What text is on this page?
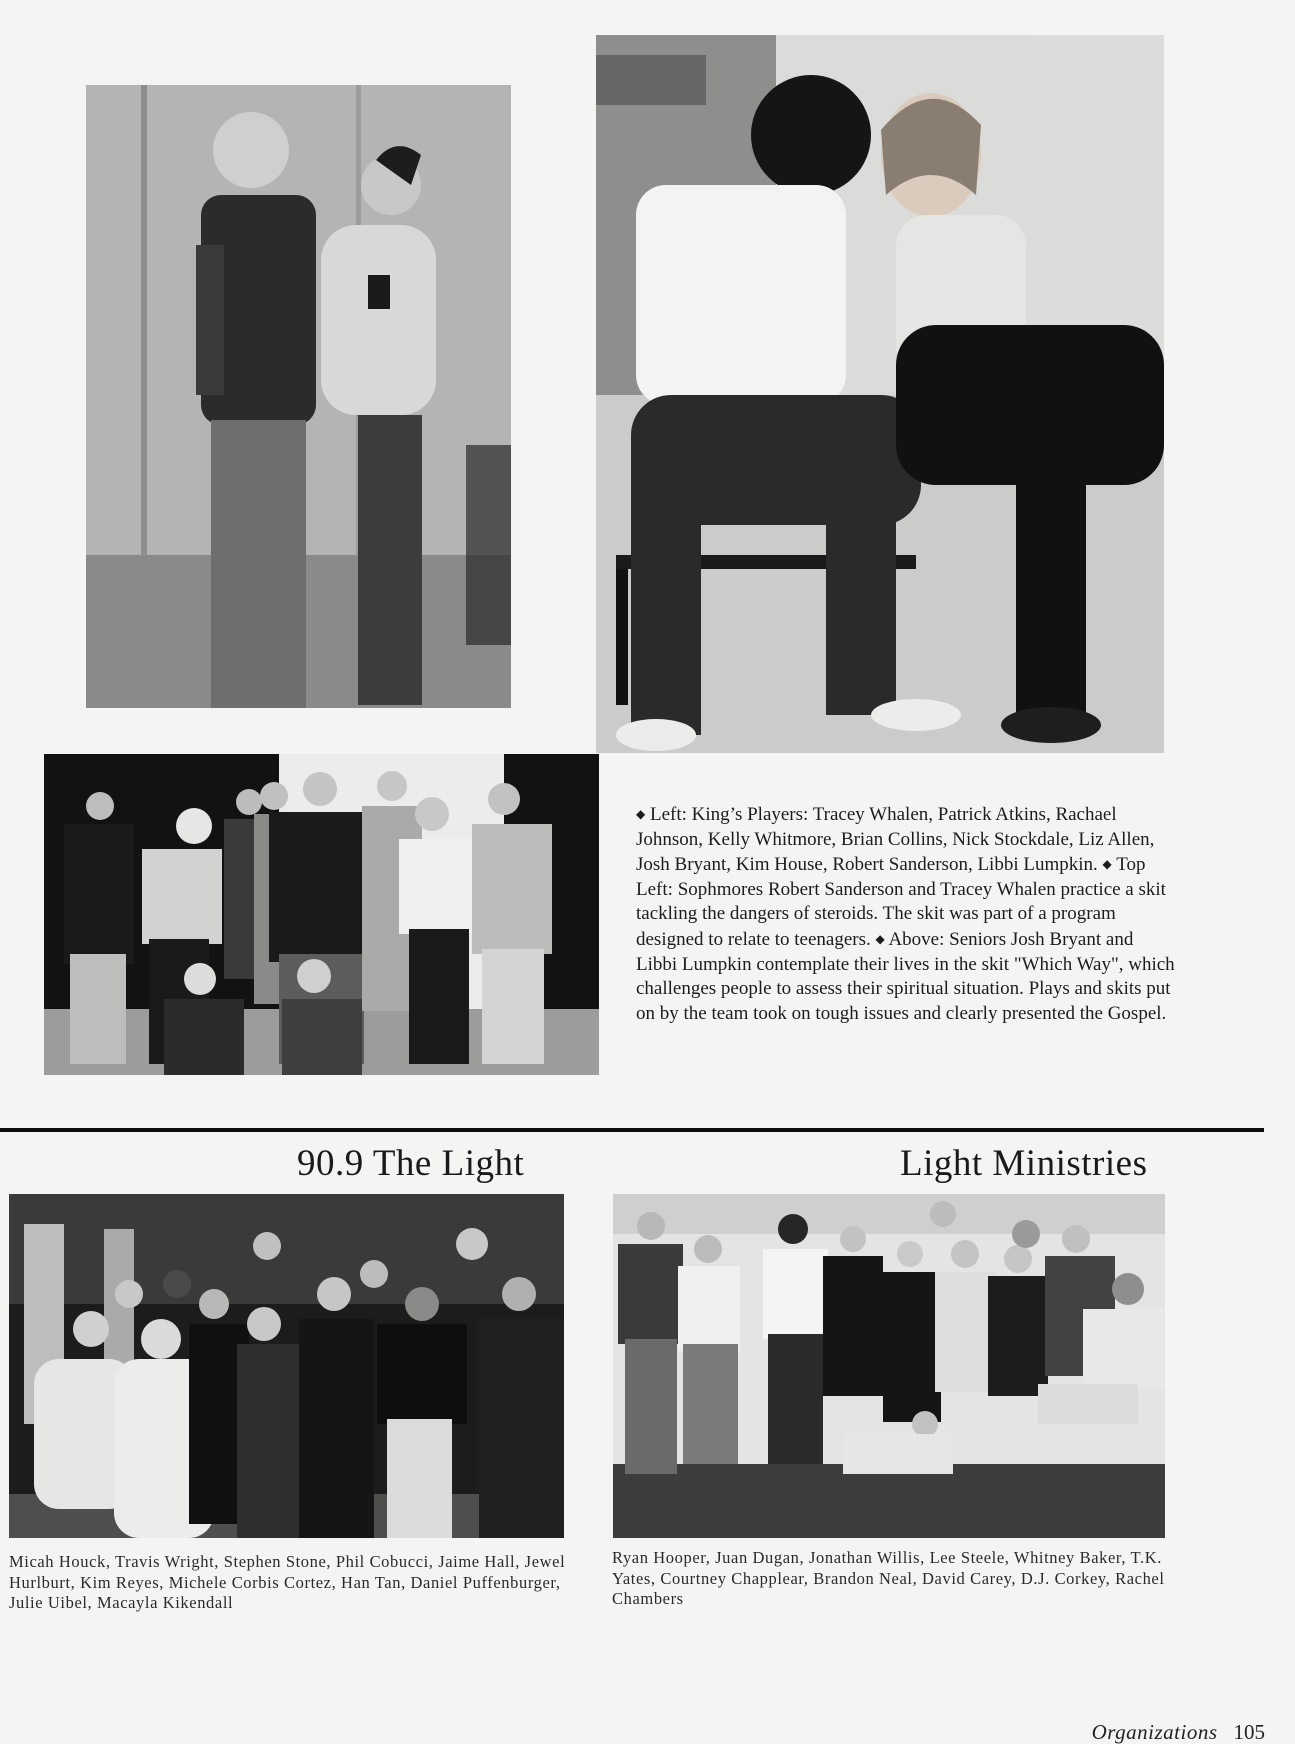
◆ Left: King’s Players: Tracey Whalen, Patrick Atkins, Rachael Johnson, Kelly Whitmore, Brian Collins, Nick Stockdale, Liz Allen, Josh Bryant, Kim House, Robert Sanderson, Libbi Lumpkin. ◆ Top Left: Sophmores Robert Sanderson and Tracey Whalen practice a skit tackling the dangers of steroids. The skit was part of a program designed to relate to teenagers. ◆ Above: Seniors Josh Bryant and Libbi Lumpkin contemplate their lives in the skit "Which Way", which challenges people to assess their spiritual situation. Plays and skits put on by the team took on tough issues and clearly presented the Gospel.
90.9 The Light	Light Ministries
Micah Houck, Travis Wright, Stephen Stone, Phil Cobucci, Jaime Hall, Jewel Hurlburt, Kim Reyes, Michele Corbis Cortez, Han Tan, Daniel Puffenburger, Julie Uibel, Macayla Kikendall
Ryan Hooper, Juan Dugan, Jonathan Willis, Lee Steele, Whitney Baker, T.K. Yates, Courtney Chapplear, Brandon Neal, David Carey, D.J. Corkey, Rachel Chambers
Organizations 105
